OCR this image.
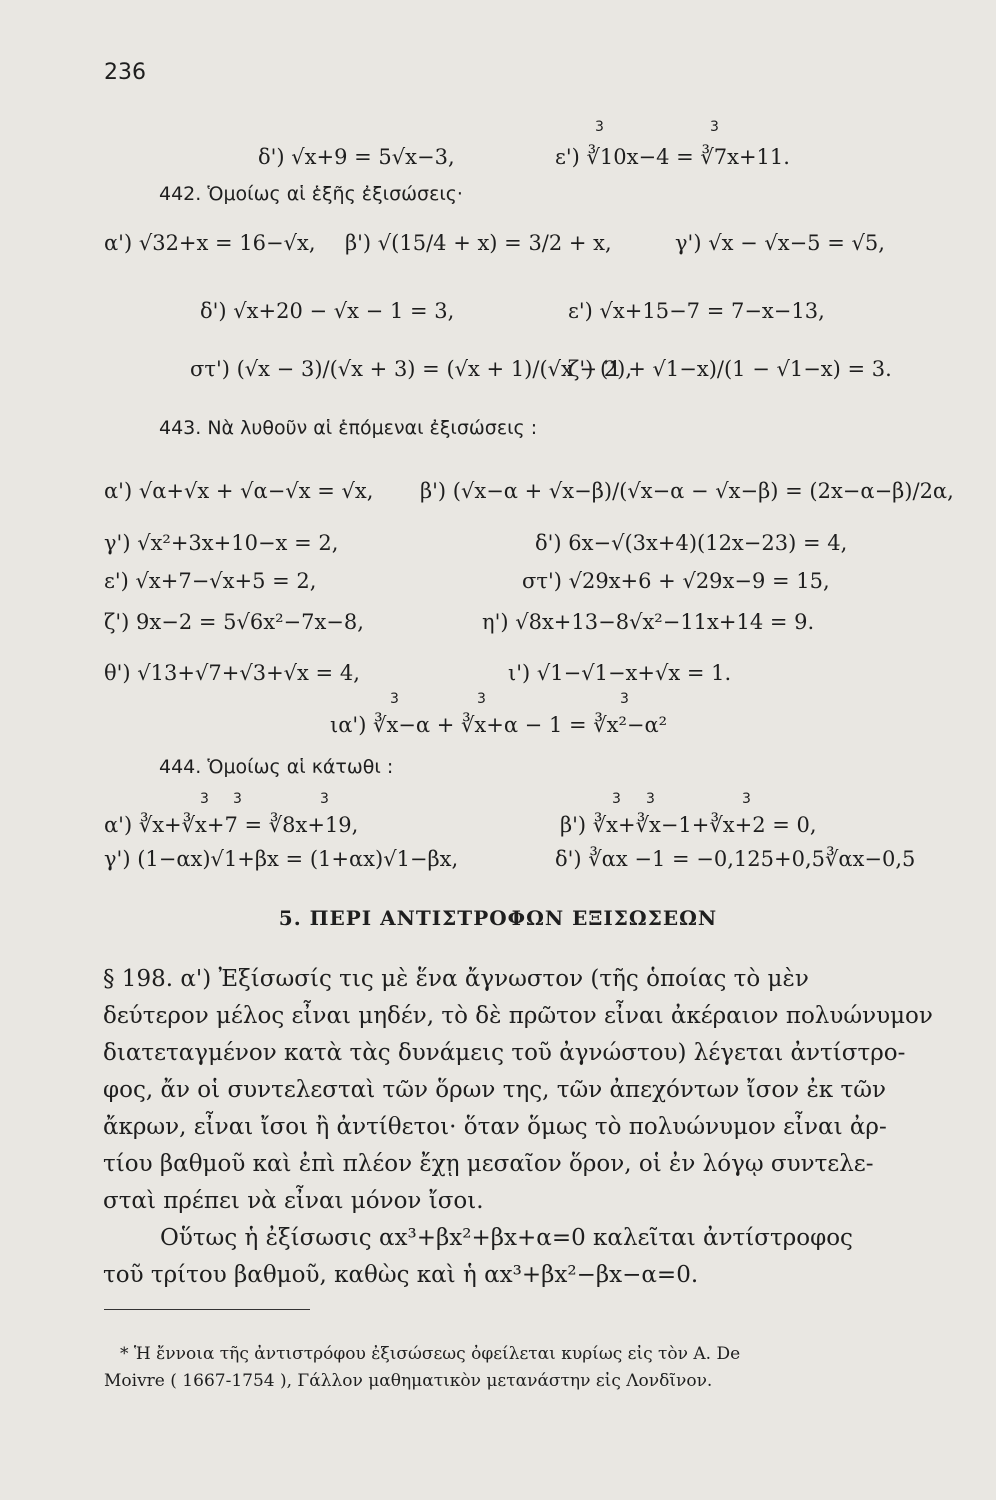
236
3	3
δ') √x+9 = 5√x−3,	ε') ∛10x−4 = ∛7x+11.
442. Ὁμοίως αἱ ἑξῆς ἐξισώσεις·
α') √32+x = 16−√x, β') √(15/4 + x) = 3/2 + x,	γ') √x − √x−5 = √5,
δ') √x+20 − √x − 1 = 3,	ε') √x+15−7 = 7−x−13,
στ') (√x − 3)/(√x + 3) = (√x + 1)/(√x − 2),
ζ') (1 + √1−x)/(1 − √1−x) = 3.
443. Νὰ λυθοῦν αἱ ἑπόμεναι ἐξισώσεις :
α') √α+√x + √α−√x = √x, β') (√x−α + √x−β)/(√x−α − √x−β) = (2x−α−β)/2α,
γ') √x²+3x+10−x = 2,	δ') 6x−√(3x+4)(12x−23) = 4,
ε') √x+7−√x+5 = 2,	στ') √29x+6 + √29x−9 = 15,
ζ') 9x−2 = 5√6x²−7x−8,	η') √8x+13−8√x²−11x+14 = 9.
θ') √13+√7+√3+√x = 4,	ι') √1−√1−x+√x = 1.
3	3	3
ια') ∛x−α + ∛x+α − 1 = ∛x²−α²
444. Ὁμοίως αἱ κάτωθι :
3 3	3	3 3	3
α') ∛x+∛x+7 = ∛8x+19,	β') ∛x+∛x−1+∛x+2 = 0,
γ') (1−αx)√1+βx = (1+αx)√1−βx,	δ') ∛αx −1 = −0,125+0,5∛αx−0,5
5. ΠΕΡΙ ΑΝΤΙΣΤΡΟΦΩΝ ΕΞΙΣΩΣΕΩΝ
§ 198. α') Ἐξίσωσίς τις μὲ ἕνα ἄγνωστον (τῆς ὁποίας τὸ μὲν
δεύτερον μέλος εἶναι μηδέν, τὸ δὲ πρῶτον εἶναι ἀκέραιον πολυώνυμον
διατεταγμένον κατὰ τὰς δυνάμεις τοῦ ἀγνώστου) λέγεται ἀντίστρο-
φος, ἄν οἱ συντελεσταὶ τῶν ὅρων της, τῶν ἀπεχόντων ἴσον ἐκ τῶν
ἄκρων, εἶναι ἴσοι ἢ ἀντίθετοι· ὅταν ὅμως τὸ πολυώνυμον εἶναι ἀρ-
τίου βαθμοῦ καὶ ἐπὶ πλέον ἔχῃ μεσαῖον ὅρον, οἱ ἐν λόγῳ συντελε-
σταὶ πρέπει νὰ εἶναι μόνον ἴσοι.
Οὕτως ἡ ἐξίσωσις αx³+βx²+βx+α=0 καλεῖται ἀντίστροφος
τοῦ τρίτου βαθμοῦ, καθὼς καὶ ἡ αx³+βx²−βx−α=0.
* Ἡ ἔννοια τῆς ἀντιστρόφου ἐξισώσεως ὀφείλεται κυρίως εἰς τὸν A. De
Moivre ( 1667-1754 ), Γάλλον μαθηματικὸν μετανάστην εἰς Λονδῖνον.
